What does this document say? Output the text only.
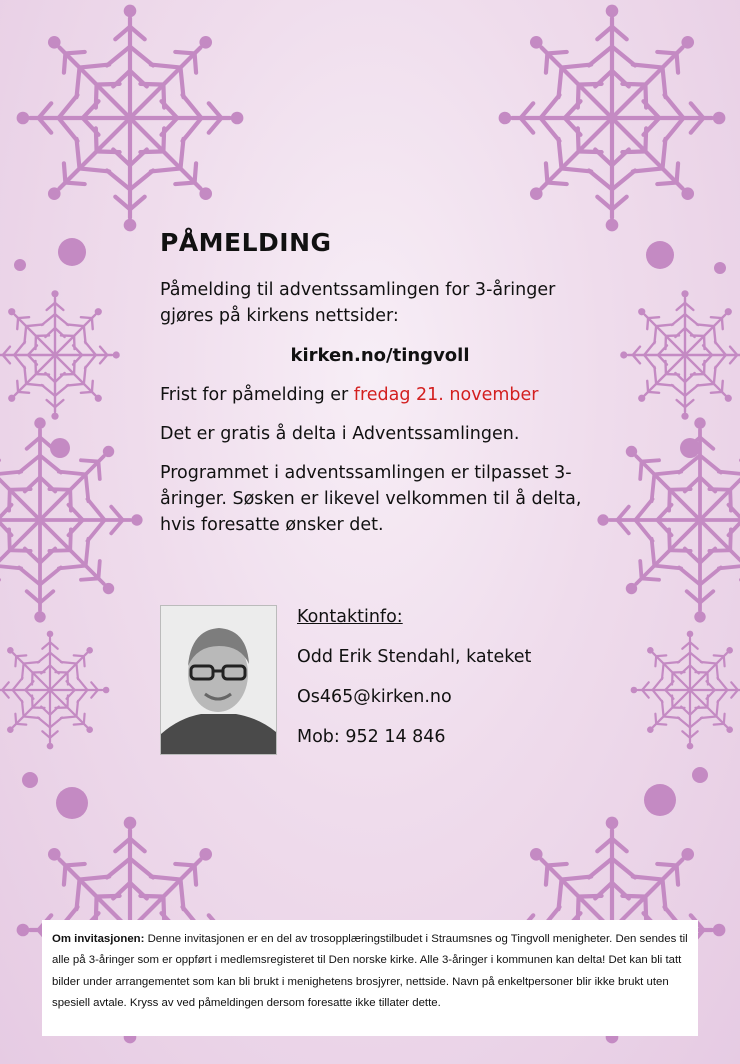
PÅMELDING

Påmelding til adventssamlingen for 3-åringer gjøres på kirkens nettsider:

kirken.no/tingvoll

Frist for påmelding er fredag 21. november

Det er gratis å delta i Adventssamlingen.

Programmet i adventssamlingen er tilpasset 3-åringer. Søsken er likevel velkommen til å delta, hvis foresatte ønsker det.

Kontaktinfo:
Odd Erik Stendahl, kateket
Os465@kirken.no
Mob: 952 14 846
Om invitasjonen: Denne invitasjonen er en del av trosopplæringstilbudet i Straumsnes og Tingvoll menigheter. Den sendes til alle på 3-åringer som er oppført i medlemsregisteret til Den norske kirke. Alle 3-åringer i kommunen kan delta! Det kan bli tatt bilder under arrangementet som kan bli brukt i menighetens brosjyrer, nettside. Navn på enkeltpersoner blir ikke brukt uten spesiell avtale. Kryss av ved påmeldingen dersom foresatte ikke tillater dette.
